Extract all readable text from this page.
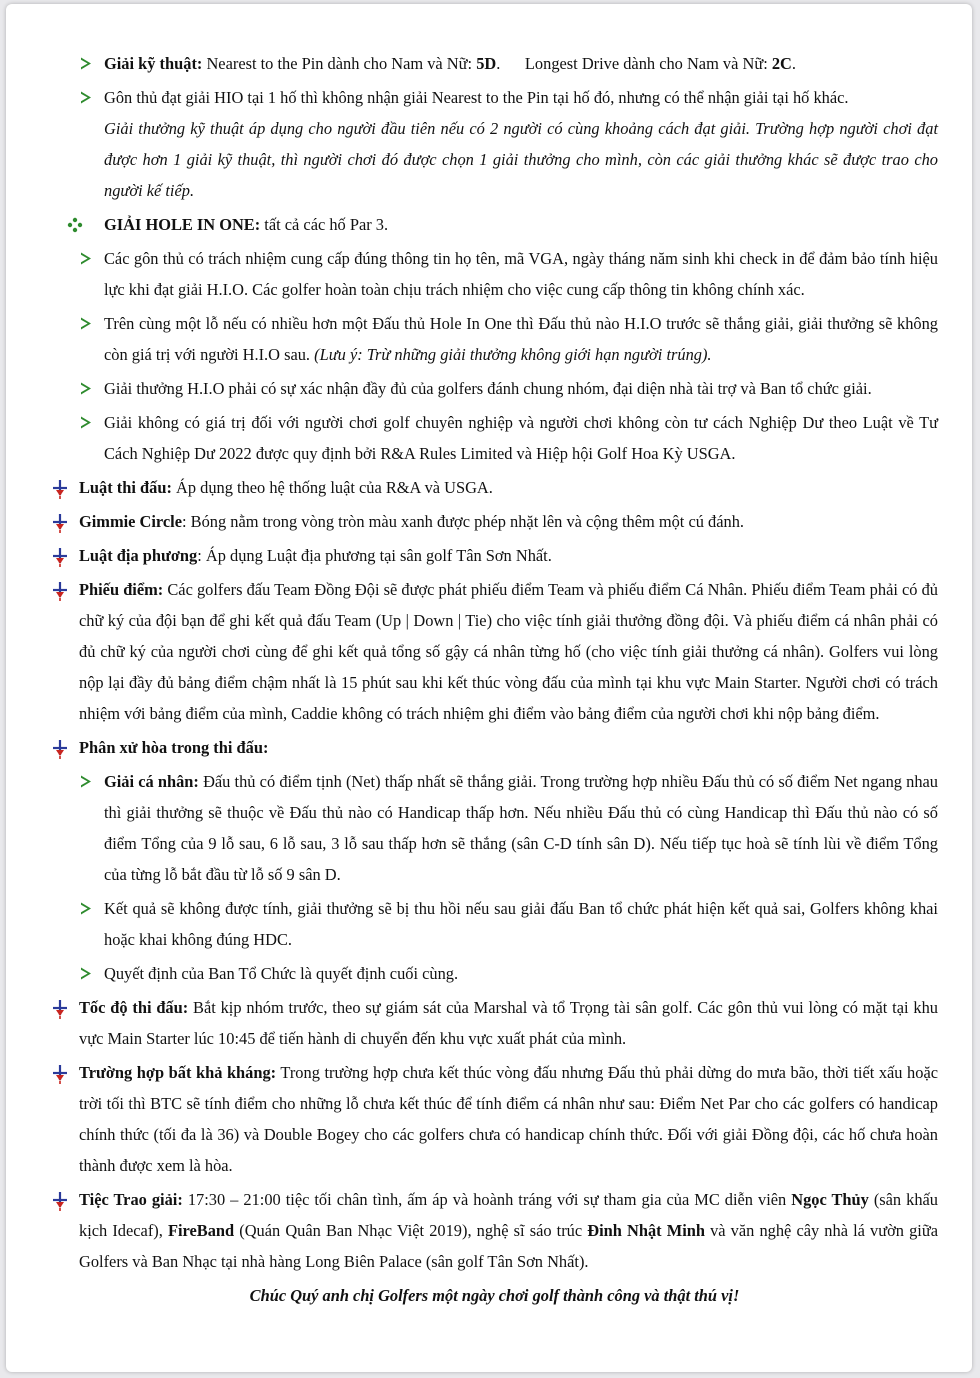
Giải kỹ thuật: Nearest to the Pin dành cho Nam và Nữ: 5D.      Longest Drive dành cho Nam và Nữ: 2C.
Gôn thủ đạt giải HIO tại 1 hố thì không nhận giải Nearest to the Pin tại hố đó, nhưng có thể nhận giải tại hố khác.
Giải thưởng kỹ thuật áp dụng cho người đầu tiên nếu có 2 người có cùng khoảng cách đạt giải. Trường hợp người chơi đạt được hơn 1 giải kỹ thuật, thì người chơi đó được chọn 1 giải thưởng cho mình, còn các giải thưởng khác sẽ được trao cho người kế tiếp.
GIẢI HOLE IN ONE: tất cả các hố Par 3.
Các gôn thủ có trách nhiệm cung cấp đúng thông tin họ tên, mã VGA, ngày tháng năm sinh khi check in để đảm bảo tính hiệu lực khi đạt giải H.I.O. Các golfer hoàn toàn chịu trách nhiệm cho việc cung cấp thông tin không chính xác.
Trên cùng một lỗ nếu có nhiều hơn một Đấu thủ Hole In One thì Đấu thủ nào H.I.O trước sẽ thắng giải, giải thưởng sẽ không còn giá trị với người H.I.O sau. (Lưu ý: Trừ những giải thưởng không giới hạn người trúng).
Giải thưởng H.I.O phải có sự xác nhận đầy đủ của golfers đánh chung nhóm, đại diện nhà tài trợ và Ban tổ chức giải.
Giải không có giá trị đối với người chơi golf chuyên nghiệp và người chơi không còn tư cách Nghiệp Dư theo Luật về Tư Cách Nghiệp Dư 2022 được quy định bởi R&A Rules Limited và Hiệp hội Golf Hoa Kỳ USGA.
Luật thi đấu: Áp dụng theo hệ thống luật của R&A và USGA.
Gimmie Circle: Bóng nằm trong vòng tròn màu xanh được phép nhặt lên và cộng thêm một cú đánh.
Luật địa phương: Áp dụng Luật địa phương tại sân golf Tân Sơn Nhất.
Phiếu điểm: Các golfers đấu Team Đồng Đội sẽ được phát phiếu điểm Team và phiếu điểm Cá Nhân. Phiếu điểm Team phải có đủ chữ ký của đội bạn để ghi kết quả đấu Team (Up | Down | Tie) cho việc tính giải thưởng đồng đội. Và phiếu điểm cá nhân phải có đủ chữ ký của người chơi cùng để ghi kết quả tổng số gậy cá nhân từng hố (cho việc tính giải thưởng cá nhân). Golfers vui lòng nộp lại đầy đủ bảng điểm chậm nhất là 15 phút sau khi kết thúc vòng đấu của mình tại khu vực Main Starter. Người chơi có trách nhiệm với bảng điểm của mình, Caddie không có trách nhiệm ghi điểm vào bảng điểm của người chơi khi nộp bảng điểm.
Phân xử hòa trong thi đấu:
Giải cá nhân: Đấu thủ có điểm tịnh (Net) thấp nhất sẽ thắng giải. Trong trường hợp nhiều Đấu thủ có số điểm Net ngang nhau thì giải thưởng sẽ thuộc về Đấu thủ nào có Handicap thấp hơn. Nếu nhiều Đấu thủ có cùng Handicap thì Đấu thủ nào có số điểm Tổng của 9 lỗ sau, 6 lỗ sau, 3 lỗ sau thấp hơn sẽ thắng (sân C-D tính sân D). Nếu tiếp tục hoà sẽ tính lùi về điểm Tổng của từng lỗ bắt đầu từ lỗ số 9 sân D.
Kết quả sẽ không được tính, giải thưởng sẽ bị thu hồi nếu sau giải đấu Ban tổ chức phát hiện kết quả sai, Golfers không khai hoặc khai không đúng HDC.
Quyết định của Ban Tổ Chức là quyết định cuối cùng.
Tốc độ thi đấu: Bắt kịp nhóm trước, theo sự giám sát của Marshal và tổ Trọng tài sân golf. Các gôn thủ vui lòng có mặt tại khu vực Main Starter lúc 10:45 để tiến hành di chuyển đến khu vực xuất phát của mình.
Trường hợp bất khả kháng: Trong trường hợp chưa kết thúc vòng đấu nhưng Đấu thủ phải dừng do mưa bão, thời tiết xấu hoặc trời tối thì BTC sẽ tính điểm cho những lỗ chưa kết thúc để tính điểm cá nhân như sau: Điểm Net Par cho các golfers có handicap chính thức (tối đa là 36) và Double Bogey cho các golfers chưa có handicap chính thức. Đối với giải Đồng đội, các hố chưa hoàn thành được xem là hòa.
Tiệc Trao giải: 17:30 – 21:00 tiệc tối chân tình, ấm áp và hoành tráng với sự tham gia của MC diễn viên Ngọc Thủy (sân khấu kịch Idecaf), FireBand (Quán Quân Ban Nhạc Việt 2019), nghệ sĩ sáo trúc Đinh Nhật Minh và văn nghệ cây nhà lá vườn giữa Golfers và Ban Nhạc tại nhà hàng Long Biên Palace (sân golf Tân Sơn Nhất).
Chúc Quý anh chị Golfers một ngày chơi golf thành công và thật thú vị!
